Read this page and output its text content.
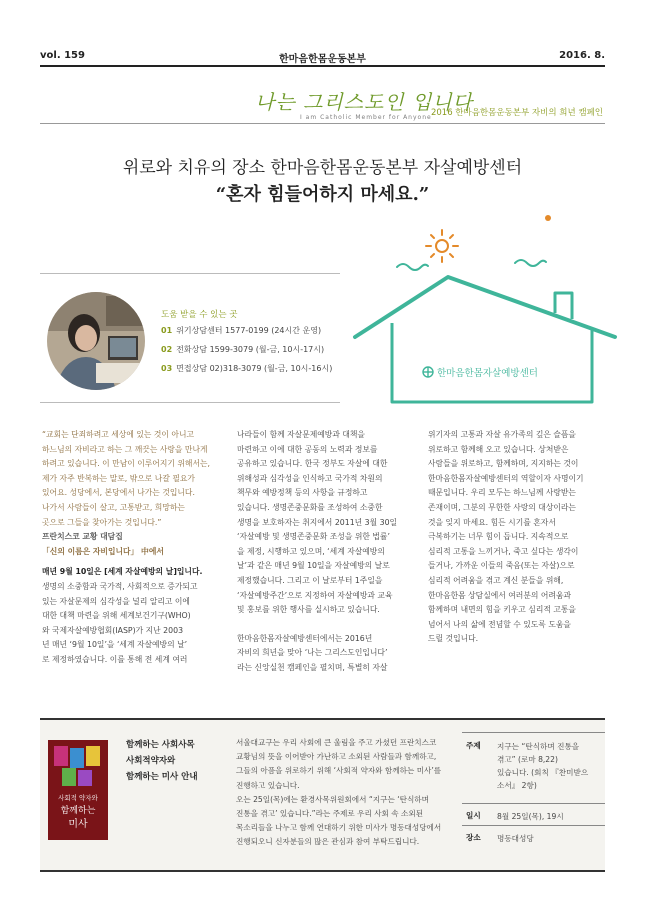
vol. 159	한마음한몸운동본부	2016. 8.
나는 그리스도인 입니다
I am Catholic Member for Anyone 2016 한마음한몸운동본부 자비의 희년 캠페인
위로와 치유의 장소 한마음한몸운동본부 자살예방센터
“혼자 힘들어하지 마세요.”
한마음한몸자살예방센터
도움 받을 수 있는 곳
01 위기상담센터 1577-0199 (24시간 운영)
02 전화상담 1599-3079 (월-금, 10시-17시)
03 면접상담 02)318-3079 (월-금, 10시-16시)

“교회는 단죄하려고 세상에 있는 것이 아니고
하느님의 자비라고 하는 그 깨끗는 사랑을 만나게
하려고 있습니다. 이 만남이 이루어지기 위해서는,
제가 자주 반복하는 말로, 밖으로 나갈 필요가
있어요. 성당에서, 본당에서 나가는 것입니다.
나가서 사람들이 살고, 고통받고, 희망하는
곳으로 그들을 찾아가는 것입니다.”

프란치스코 교황 대담집

「신의 이름은 자비입니다」 中에서

매년 9월 10일은 [세계 자살예방의 날]입니다.

생명의 소중함과 국가적, 사회적으로 증가되고
있는 자살문제의 심각성을 널리 알리고 이에
대한 대책 마련을 위해 세계보건기구(WHO)
와 국제자살예방협회(IASP)가 지난 2003
년 매년 ‘9월 10일’을 ‘세계 자살예방의 날’
로 제정하였습니다. 이를 통해 전 세계 여러

나라들이 함께 자살문제예방과 대책을
마련하고 이에 대한 공동의 노력과 정보를
공유하고 있습니다. 한국 정부도 자살에 대한
위해성과 심각성을 인식하고 국가적 차원의
책무와 예방정책 등의 사항을 규정하고
있습니다. 생명존중문화를 조성하여 소중한
생명을 보호하자는 취지에서 2011년 3월 30일
‘자살예방 및 생명존중문화 조성을 위한 법률’
을 제정, 시행하고 있으며, ‘세계 자살예방의
날’과 같은 매년 9월 10일을 자살예방의 날로
제정했습니다. 그리고 이 날로부터 1주일을
‘자살예방주간’으로 지정하여 자살예방과 교육
및 홍보를 위한 행사를 실시하고 있습니다.

한마음한몸자살예방센터에서는 2016년
자비의 희년을 맞아 ‘나는 그리스도인입니다’
라는 신앙실천 캠페인을 펼치며, 특별히 자살

위기자의 고통과 자살 유가족의 깊은 슬픔을
위로하고 함께해 오고 있습니다. 상처받은
사람들을 위로하고, 함께하며, 지지하는 것이
한마음한몸자살예방센터의 역할이자 사명이기
때문입니다. 우리 모두는 하느님께 사랑받는
존재이며, 그분의 무한한 사랑의 대상이라는
것을 잊지 마세요. 힘든 시기를 혼자서
극복하기는 너무 힘이 듭니다. 지속적으로
심리적 고통을 느끼거나, 죽고 싶다는 생각이
들거나, 가까운 이들의 죽음(또는 자살)으로
심리적 어려움을 겪고 계신 분들을 위해,
한마음한몸 상담실에서 여러분의 어려움과
함께하며 내면의 힘을 키우고 심리적 고통을
넘어서 나의 삶에 전념할 수 있도록 도움을
드릴 것입니다.

사회적 약자와
함께하는
미사
함께하는 사회사목
사회적약자와
함께하는 미사 안내
서울대교구는 우리 사회에 큰 울림을 주고 가셨던 프란치스코
교황님의 뜻을 이어받아 가난하고 소외된 사람들과 함께하고,
그들의 아픔을 위로하기 위해 ‘사회적 약자와 함께하는 미사’를
진행하고 있습니다.
오는 25일(목)에는 환경사목위원회에서 “지구는 ‘탄식하며
진통을 겪고’ 있습니다.”라는 주제로 우리 사회 속 소외된
목소리들을 나누고 함께 연대하기 위한 미사가 명동대성당에서
진행되오니 신자분들의 많은 관심과 참여 부탁드립니다.
주제 지구는 “탄식하며 진통을
겪고” (로마 8,22)
있습니다. (회칙 『찬미받으
소서』 2항)
일시 8월 25일(목), 19시
장소 명동대성당
